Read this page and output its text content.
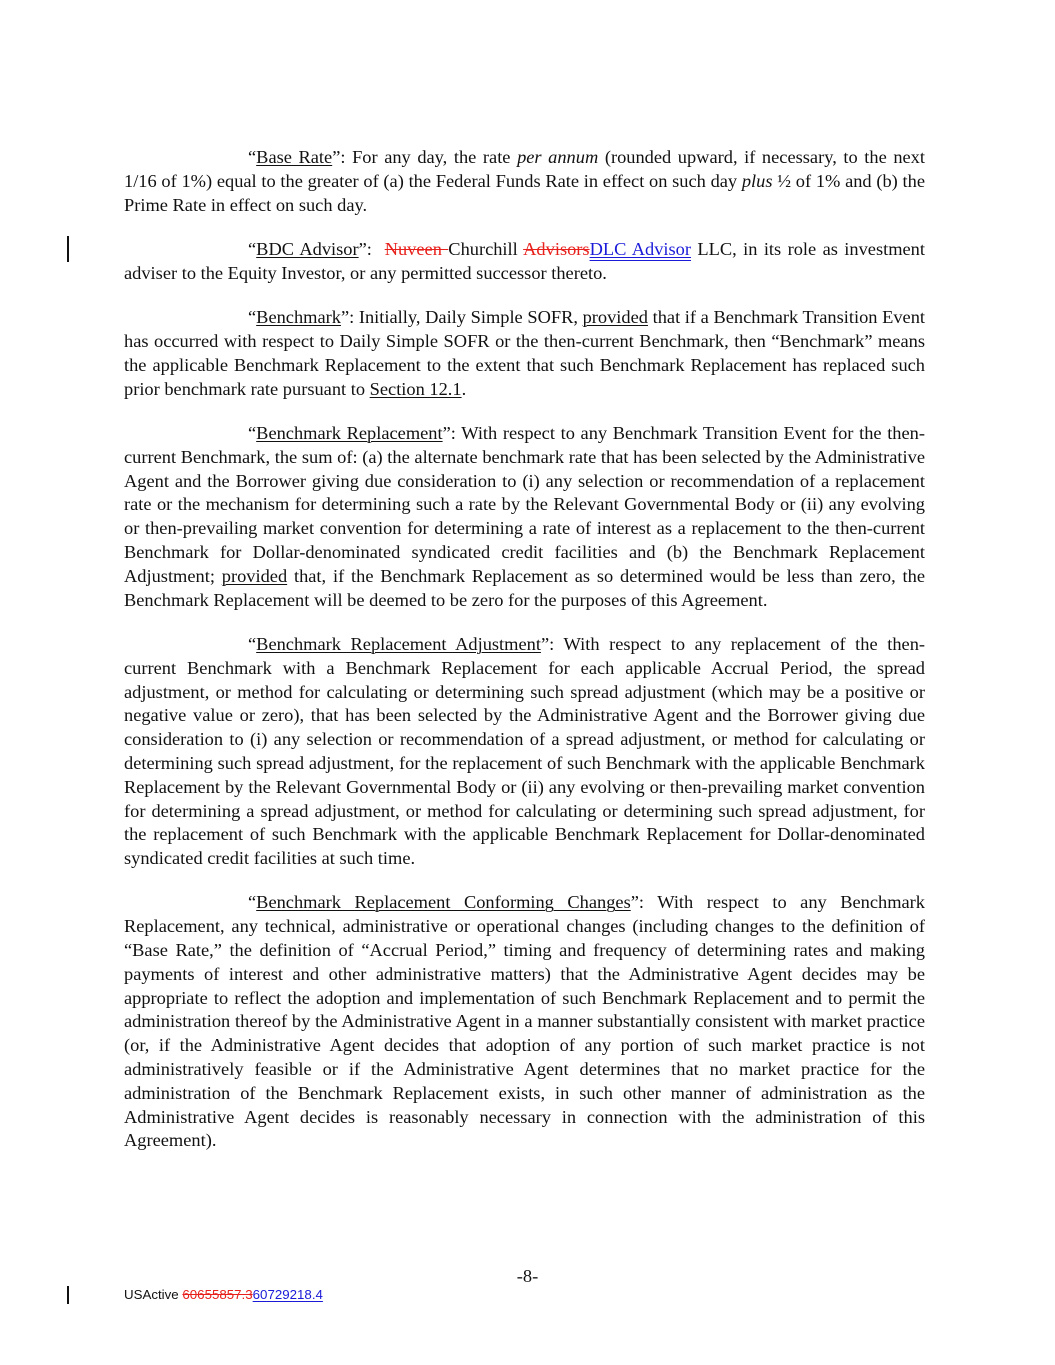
“Base Rate”: For any day, the rate per annum (rounded upward, if necessary, to the next 1/16 of 1%) equal to the greater of (a) the Federal Funds Rate in effect on such day plus ½ of 1% and (b) the Prime Rate in effect on such day.

“BDC Advisor”:  Nuveen Churchill AdvisorsDLC Advisor LLC, in its role as investment adviser to the Equity Investor, or any permitted successor thereto.

“Benchmark”: Initially, Daily Simple SOFR, provided that if a Benchmark Transition Event has occurred with respect to Daily Simple SOFR or the then-current Benchmark, then “Benchmark” means the applicable Benchmark Replacement to the extent that such Benchmark Replacement has replaced such prior benchmark rate pursuant to Section 12.1.

“Benchmark Replacement”: With respect to any Benchmark Transition Event for the then-current Benchmark, the sum of: (a) the alternate benchmark rate that has been selected by the Administrative Agent and the Borrower giving due consideration to (i) any selection or recommendation of a replacement rate or the mechanism for determining such a rate by the Relevant Governmental Body or (ii) any evolving or then-prevailing market convention for determining a rate of interest as a replacement to the then-current Benchmark for Dollar-denominated syndicated credit facilities and (b) the Benchmark Replacement Adjustment; provided that, if the Benchmark Replacement as so determined would be less than zero, the Benchmark Replacement will be deemed to be zero for the purposes of this Agreement.

“Benchmark Replacement Adjustment”: With respect to any replacement of the then-current Benchmark with a Benchmark Replacement for each applicable Accrual Period, the spread adjustment, or method for calculating or determining such spread adjustment (which may be a positive or negative value or zero), that has been selected by the Administrative Agent and the Borrower giving due consideration to (i) any selection or recommendation of a spread adjustment, or method for calculating or determining such spread adjustment, for the replacement of such Benchmark with the applicable Benchmark Replacement by the Relevant Governmental Body or (ii) any evolving or then-prevailing market convention for determining a spread adjustment, or method for calculating or determining such spread adjustment, for the replacement of such Benchmark with the applicable Benchmark Replacement for Dollar-denominated syndicated credit facilities at such time.

“Benchmark Replacement Conforming Changes”: With respect to any Benchmark Replacement, any technical, administrative or operational changes (including changes to the definition of “Base Rate,” the definition of “Accrual Period,” timing and frequency of determining rates and making payments of interest and other administrative matters) that the Administrative Agent decides may be appropriate to reflect the adoption and implementation of such Benchmark Replacement and to permit the administration thereof by the Administrative Agent in a manner substantially consistent with market practice (or, if the Administrative Agent decides that adoption of any portion of such market practice is not administratively feasible or if the Administrative Agent determines that no market practice for the administration of the Benchmark Replacement exists, in such other manner of administration as the Administrative Agent decides is reasonably necessary in connection with the administration of this Agreement).

-8-
USActive 60655857.360729218.4
